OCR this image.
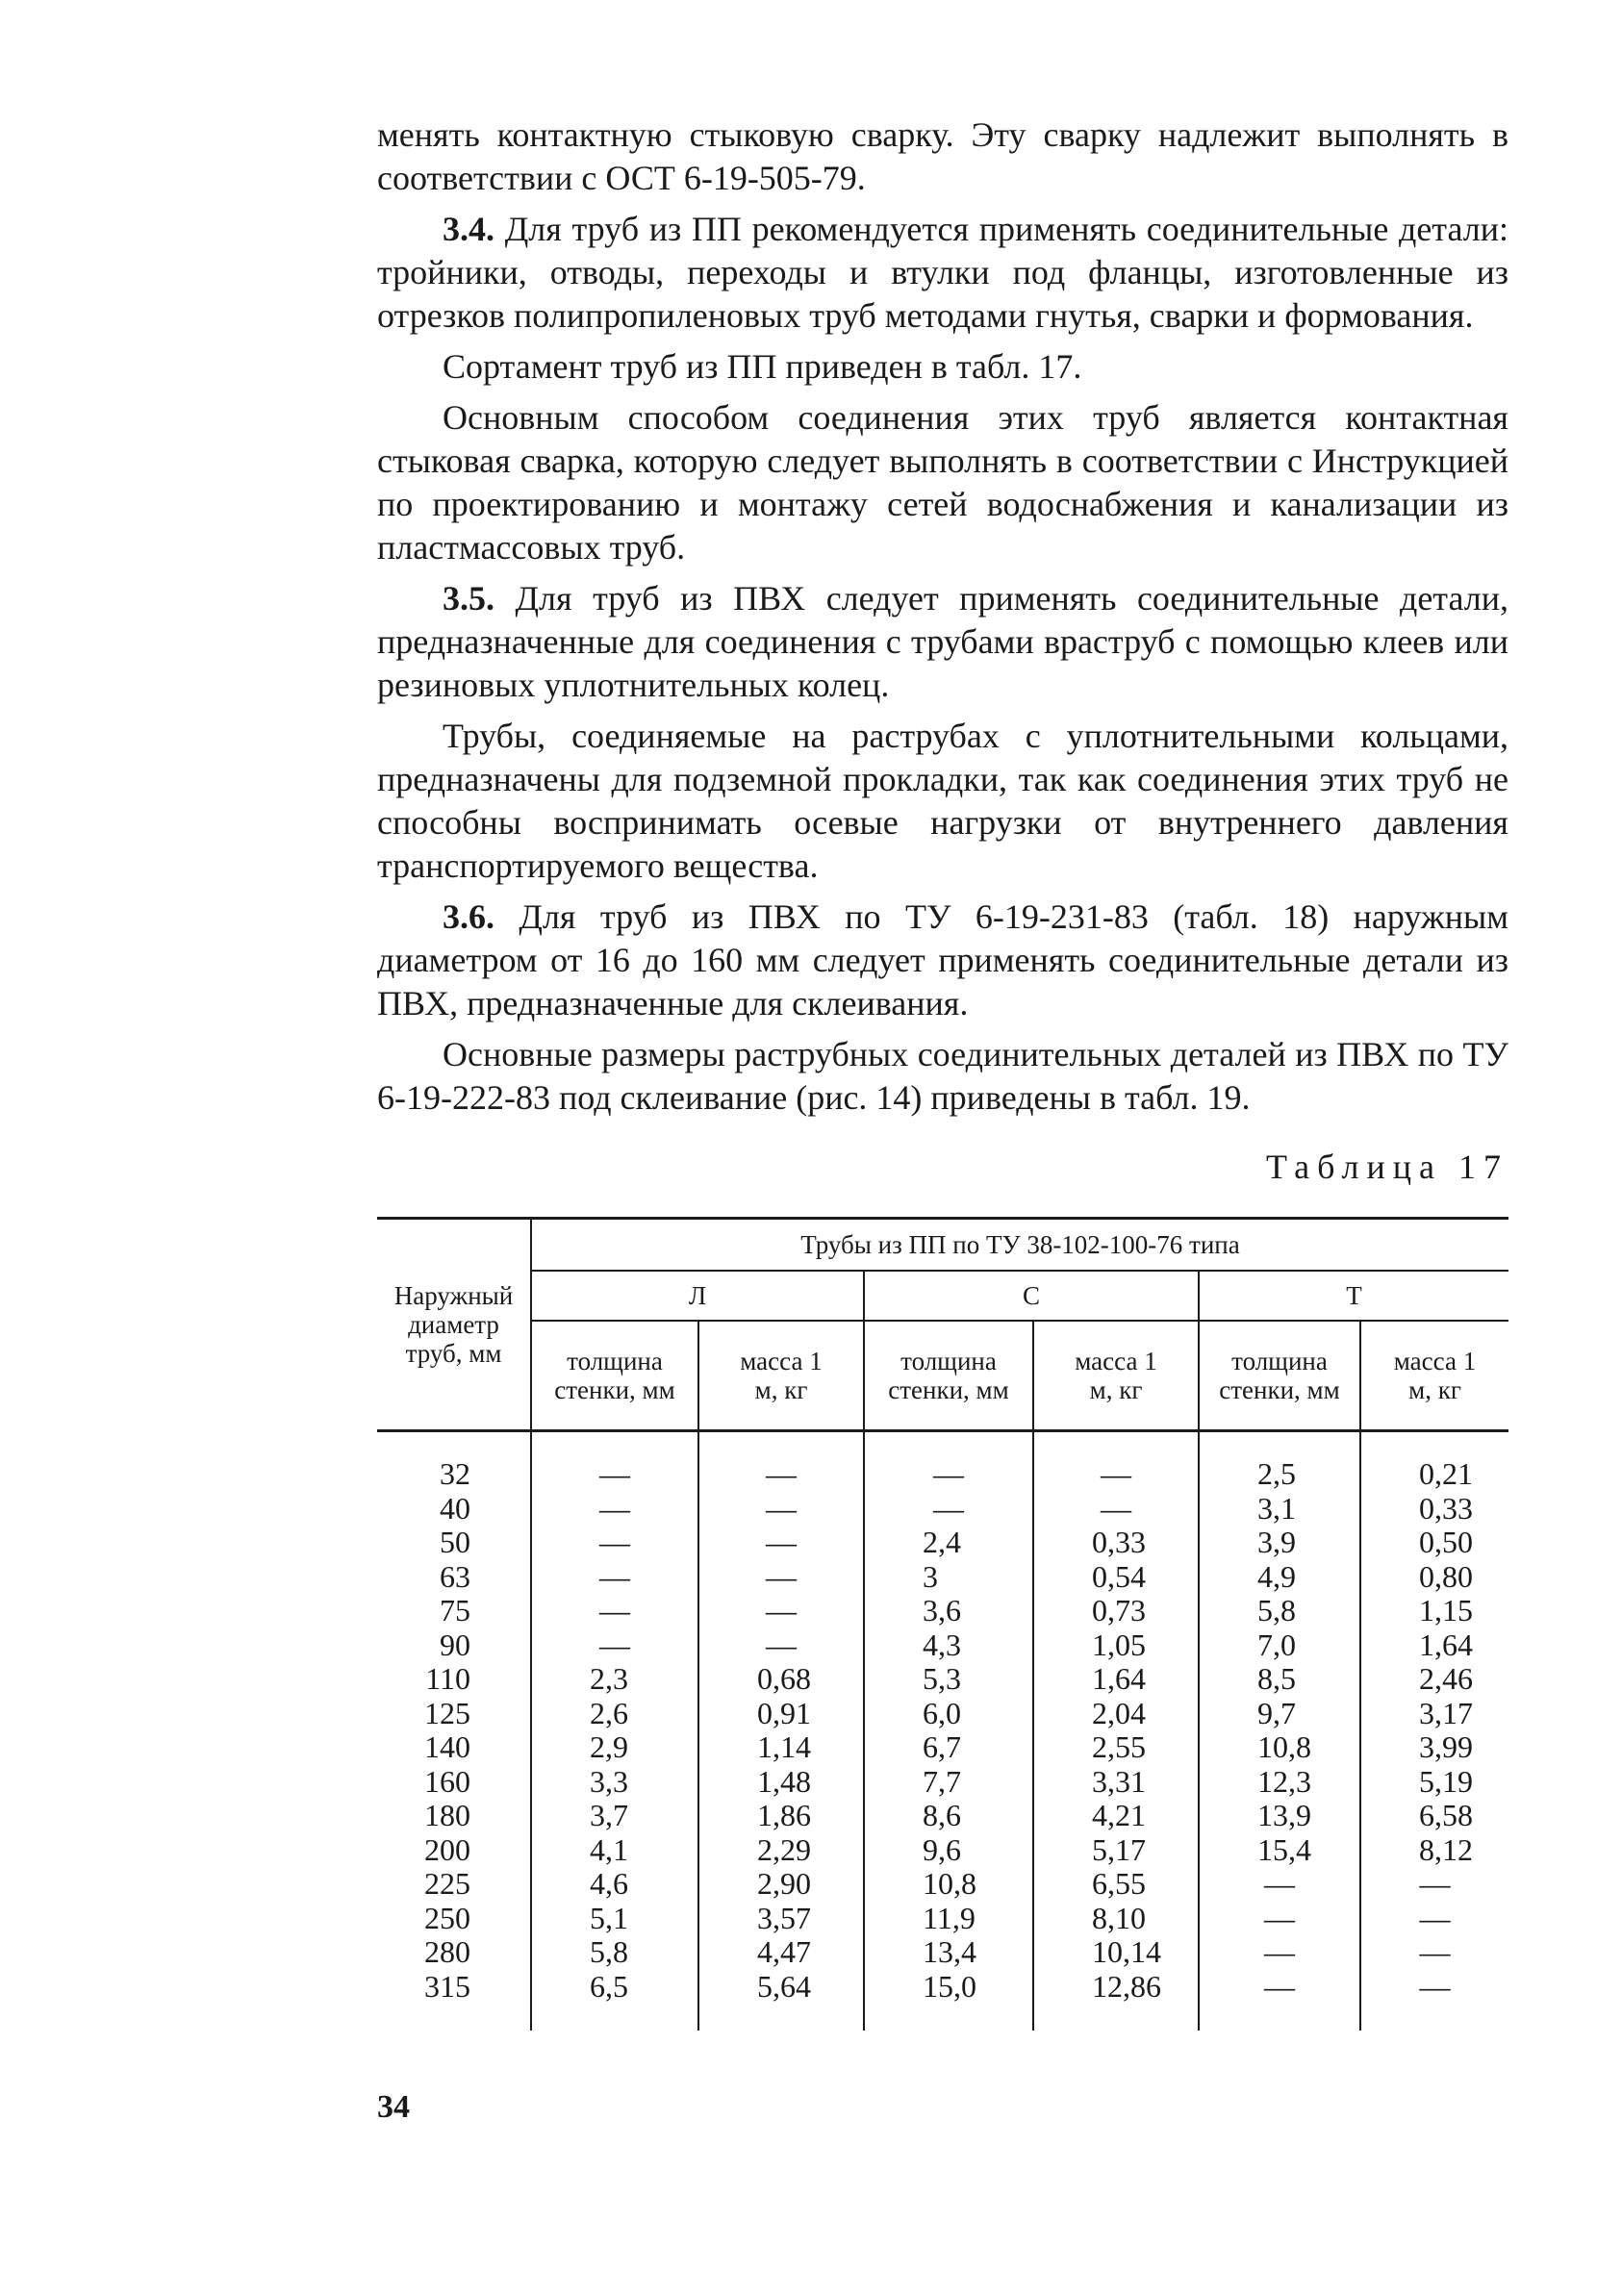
менять контактную стыковую сварку. Эту сварку надлежит выполнять в соответствии с ОСТ 6-19-505-79.

3.4. Для труб из ПП рекомендуется применять соединительные детали: тройники, отводы, переходы и втулки под фланцы, изготовленные из отрезков полипропиленовых труб методами гнутья, сварки и формования.

Сортамент труб из ПП приведен в табл. 17.

Основным способом соединения этих труб является контактная стыковая сварка, которую следует выполнять в соответствии с Инструкцией по проектированию и монтажу сетей водоснабжения и канализации из пластмассовых труб.

3.5. Для труб из ПВХ следует применять соединительные детали, предназначенные для соединения с трубами враструб с помощью клеев или резиновых уплотнительных колец.

Трубы, соединяемые на раструбах с уплотнительными кольцами, предназначены для подземной прокладки, так как соединения этих труб не способны воспринимать осевые нагрузки от внутреннего давления транспортируемого вещества.

3.6. Для труб из ПВХ по ТУ 6-19-231-83 (табл. 18) наружным диаметром от 16 до 160 мм следует применять соединительные детали из ПВХ, предназначенные для склеивания.

Основные размеры раструбных соединительных деталей из ПВХ по ТУ 6-19-222-83 под склеивание (рис. 14) приведены в табл. 19.

Таблица 17
Наружный диаметр труб, мм	Трубы из ПП по ТУ 38-102-100-76 типа					
	Л		С		Т	
	толщина стенки, мм	масса 1 м, кг	толщина стенки, мм	масса 1 м, кг	толщина стенки, мм	масса 1 м, кг
32	—	—	—	—	2,5	0,21
40	—	—	—	—	3,1	0,33
50	—	—	2,4	0,33	3,9	0,50
63	—	—	3	0,54	4,9	0,80
75	—	—	3,6	0,73	5,8	1,15
90	—	—	4,3	1,05	7,0	1,64
110	2,3	0,68	5,3	1,64	8,5	2,46
125	2,6	0,91	6,0	2,04	9,7	3,17
140	2,9	1,14	6,7	2,55	10,8	3,99
160	3,3	1,48	7,7	3,31	12,3	5,19
180	3,7	1,86	8,6	4,21	13,9	6,58
200	4,1	2,29	9,6	5,17	15,4	8,12
225	4,6	2,90	10,8	6,55	—	—
250	5,1	3,57	11,9	8,10	—	—
280	5,8	4,47	13,4	10,14	—	—
315	6,5	5,64	15,0	12,86	—	—
34
